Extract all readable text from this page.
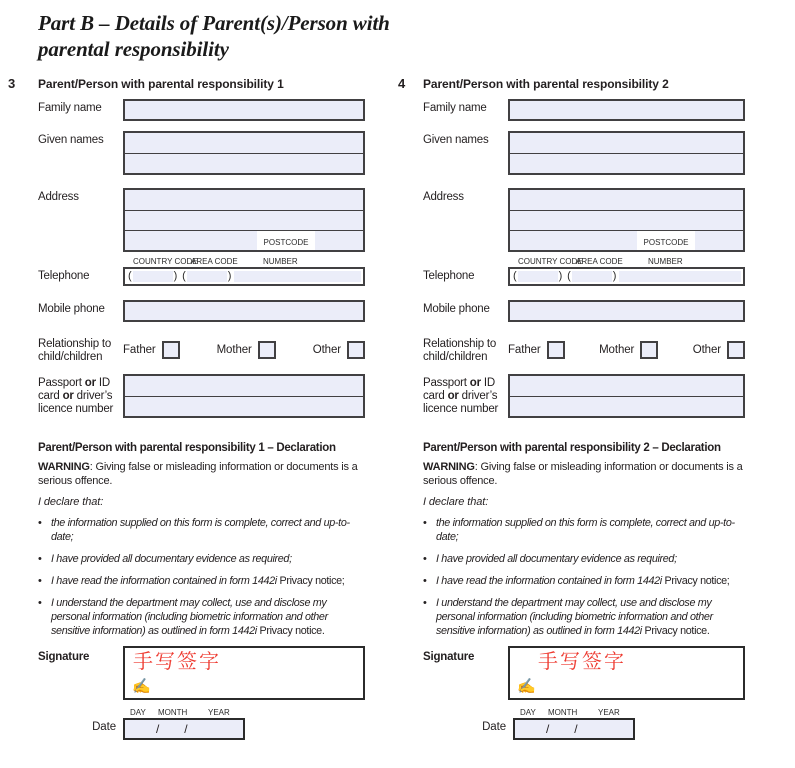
Part B – Details of Parent(s)/Person with parental responsibility
3	Parent/Person with parental responsibility 1
Family name
Given names
Address
POSTCODE
Telephone
COUNTRY CODE
AREA CODE	NUMBER
(	) (	)
Mobile phone
Relationship to child/children
Father	Mother	Other
Passport or ID card or driver’s licence number
Parent/Person with parental responsibility 1 – Declaration
WARNING: Giving false or misleading information or documents is a serious offence.
I declare that:
• the information supplied on this form is complete, correct and up-to-date;
• I have provided all documentary evidence as required;
• I have read the information contained in form 1442i Privacy notice;
• I understand the department may collect, use and disclose my personal information (including biometric information and other sensitive information) as outlined in form 1442i Privacy notice.
Signature	手写签字
✍
Date
DAY MONTH	YEAR
/ /
4	Parent/Person with parental responsibility 2
Family name
Given names
Address
POSTCODE
Telephone
COUNTRY CODE
AREA CODE	NUMBER
(	) (	)
Mobile phone
Relationship to child/children
Father	Mother	Other
Passport or ID card or driver’s licence number
Parent/Person with parental responsibility 2 – Declaration
WARNING: Giving false or misleading information or documents is a serious offence.
I declare that:
• the information supplied on this form is complete, correct and up-to-date;
• I have provided all documentary evidence as required;
• I have read the information contained in form 1442i Privacy notice;
• I understand the department may collect, use and disclose my personal information (including biometric information and other sensitive information) as outlined in form 1442i Privacy notice.
Signature	手写签字
✍
Date
DAY MONTH	YEAR
/ /
